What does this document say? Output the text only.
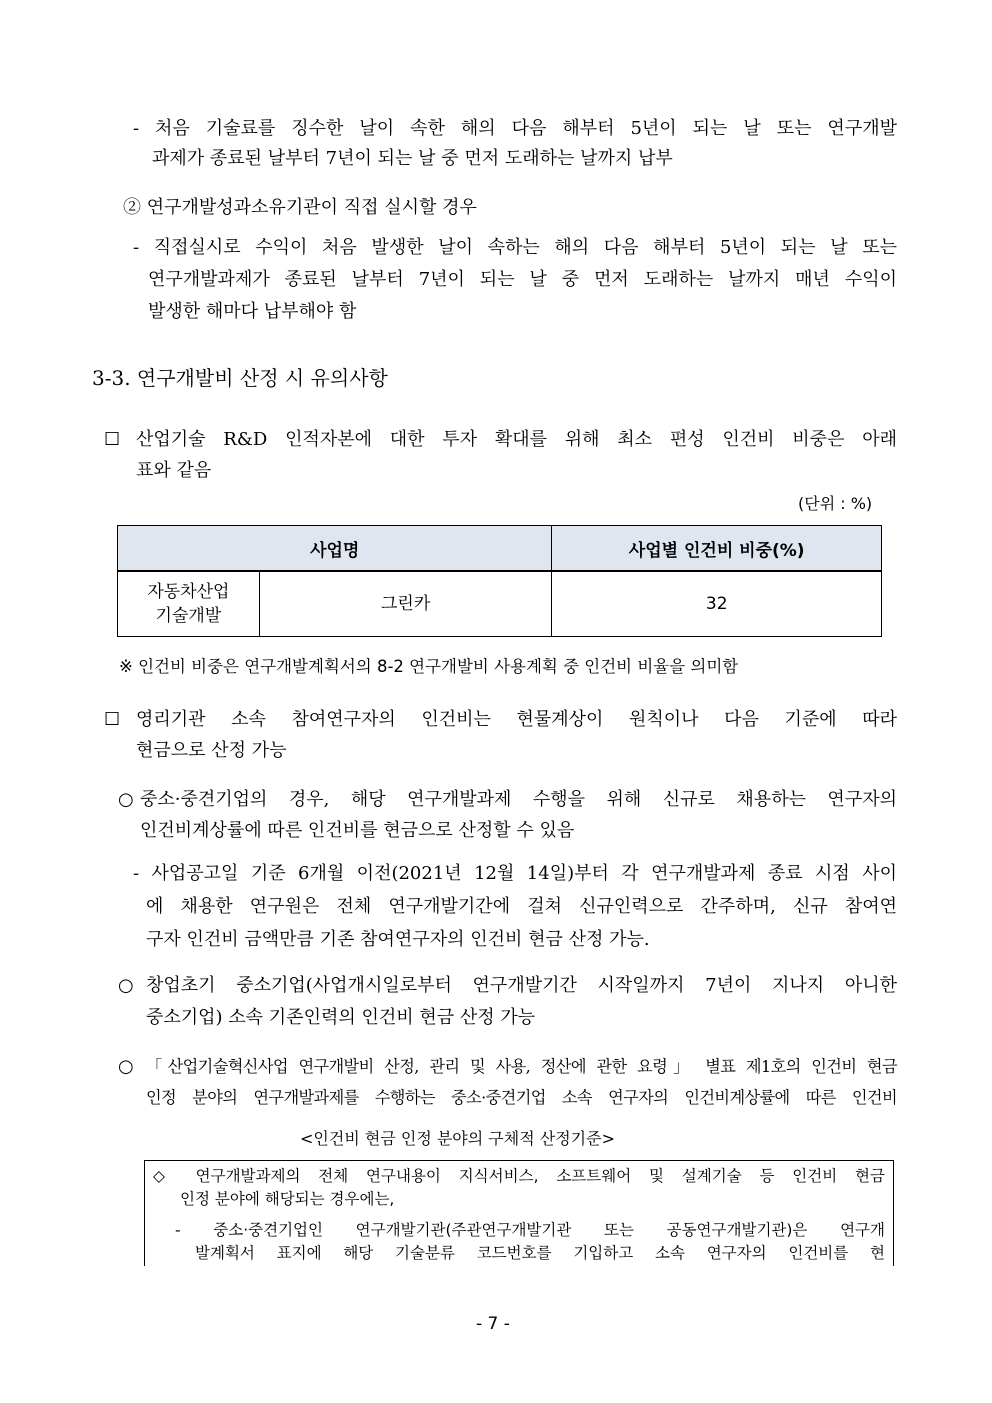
- 처음 기술료를 징수한 날이 속한 해의 다음 해부터 5년이 되는 날 또는 연구개발
과제가 종료된 날부터 7년이 되는 날 중 먼저 도래하는 날까지 납부
② 연구개발성과소유기관이 직접 실시할 경우
- 직접실시로 수익이 처음 발생한 날이 속하는 해의 다음 해부터 5년이 되는 날 또는
연구개발과제가 종료된 날부터 7년이 되는 날 중 먼저 도래하는 날까지 매년 수익이
발생한 해마다 납부해야 함
3-3. 연구개발비 산정 시 유의사항
☐ 산업기술 R&D 인적자본에 대한 투자 확대를 위해 최소 편성 인건비 비중은 아래
표와 같음
(단위 : %)
사업명		사업별 인건비 비중(%)

자동차산업
기술개발	그린카	32
※ 인건비 비중은 연구개발계획서의 8-2 연구개발비 사용계획 중 인건비 비율을 의미함
☐ 영리기관 소속 참여연구자의 인건비는 현물계상이 원칙이나 다음 기준에 따라
현금으로 산정 가능
○ 중소·중견기업의 경우, 해당 연구개발과제 수행을 위해 신규로 채용하는 연구자의
인건비계상률에 따른 인건비를 현금으로 산정할 수 있음
- 사업공고일 기준 6개월 이전(2021년 12월 14일)부터 각 연구개발과제 종료 시점 사이
에 채용한 연구원은 전체 연구개발기간에 걸쳐 신규인력으로 간주하며, 신규 참여연
구자 인건비 금액만큼 기존 참여연구자의 인건비 현금 산정 가능.
○ 창업초기 중소기업(사업개시일로부터 연구개발기간 시작일까지 7년이 지나지 아니한
중소기업) 소속 기존인력의 인건비 현금 산정 가능
○ 「산업기술혁신사업 연구개발비 산정, 관리 및 사용, 정산에 관한 요령」 별표 제1호의 인건비 현금
인정 분야의 연구개발과제를 수행하는 중소·중견기업 소속 연구자의 인건비계상률에 따른 인건비
<인건비 현금 인정 분야의 구체적 산정기준>
◇ 연구개발과제의 전체 연구내용이 지식서비스, 소프트웨어 및 설계기술 등 인건비 현금
인정 분야에 해당되는 경우에는,
- 중소·중견기업인 연구개발기관(주관연구개발기관 또는 공동연구개발기관)은 연구개
발계획서 표지에 해당 기술분류 코드번호를 기입하고 소속 연구자의 인건비를 현
- 7 -
